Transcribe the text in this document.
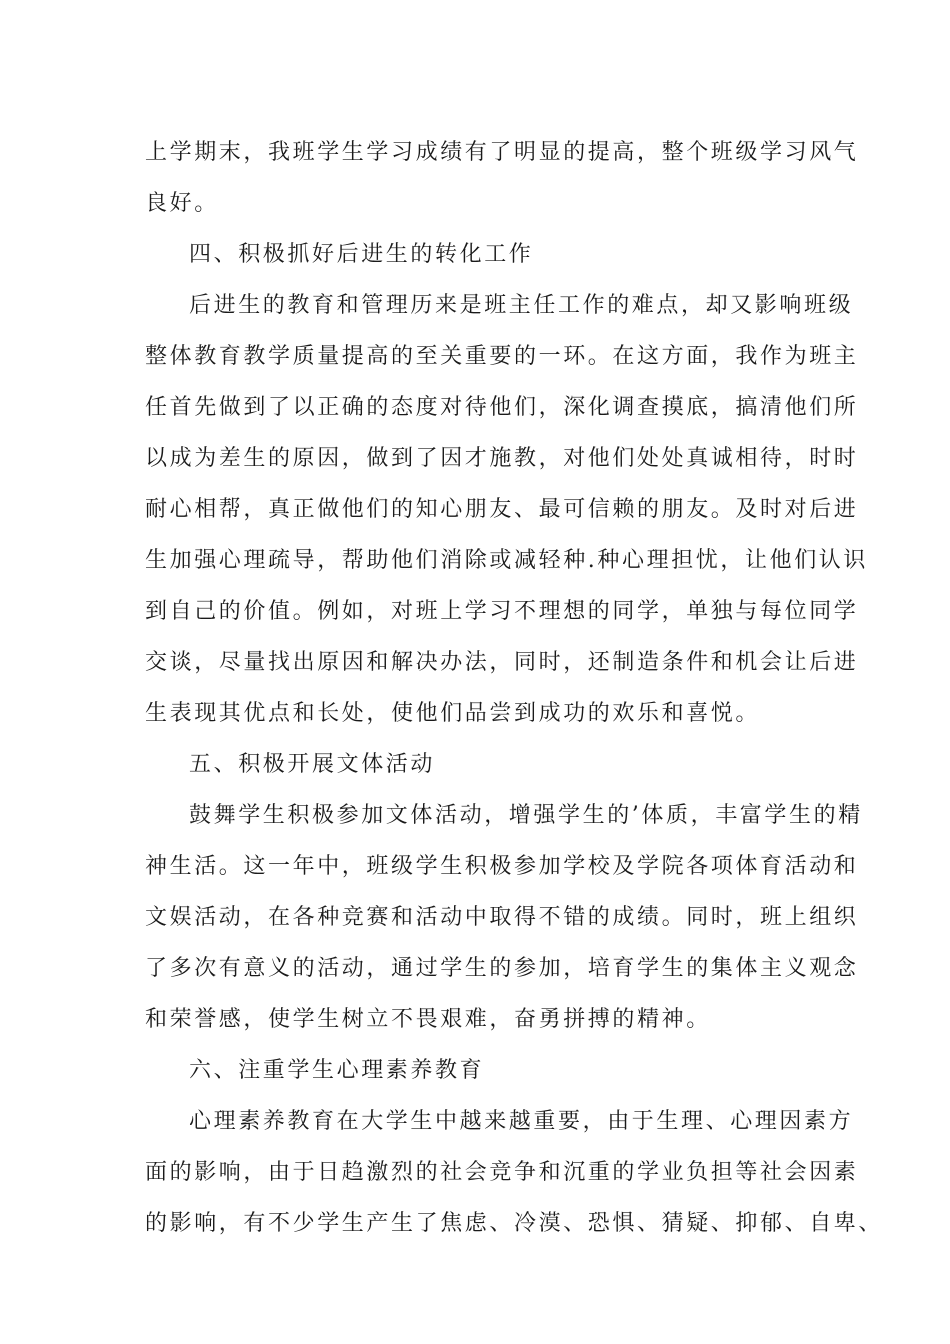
上学期末，我班学生学习成绩有了明显的提高，整个班级学习风气
良好。
四、积极抓好后进生的转化工作
后进生的教育和管理历来是班主任工作的难点，却又影响班级
整体教育教学质量提高的至关重要的一环。在这方面，我作为班主
任首先做到了以正确的态度对待他们，深化调查摸底，搞清他们所
以成为差生的原因，做到了因才施教，对他们处处真诚相待，时时
耐心相帮，真正做他们的知心朋友、最可信赖的朋友。及时对后进
生加强心理疏导，帮助他们消除或减轻种.种心理担忧，让他们认识
到自己的价值。例如，对班上学习不理想的同学，单独与每位同学
交谈，尽量找出原因和解决办法，同时，还制造条件和机会让后进
生表现其优点和长处，使他们品尝到成功的欢乐和喜悦。
五、积极开展文体活动
鼓舞学生积极参加文体活动，增强学生的’体质，丰富学生的精
神生活。这一年中，班级学生积极参加学校及学院各项体育活动和
文娱活动，在各种竞赛和活动中取得不错的成绩。同时，班上组织
了多次有意义的活动，通过学生的参加，培育学生的集体主义观念
和荣誉感，使学生树立不畏艰难，奋勇拼搏的精神。
六、注重学生心理素养教育
心理素养教育在大学生中越来越重要，由于生理、心理因素方
面的影响，由于日趋激烈的社会竞争和沉重的学业负担等社会因素
的影响，有不少学生产生了焦虑、冷漠、恐惧、猜疑、抑郁、自卑、
